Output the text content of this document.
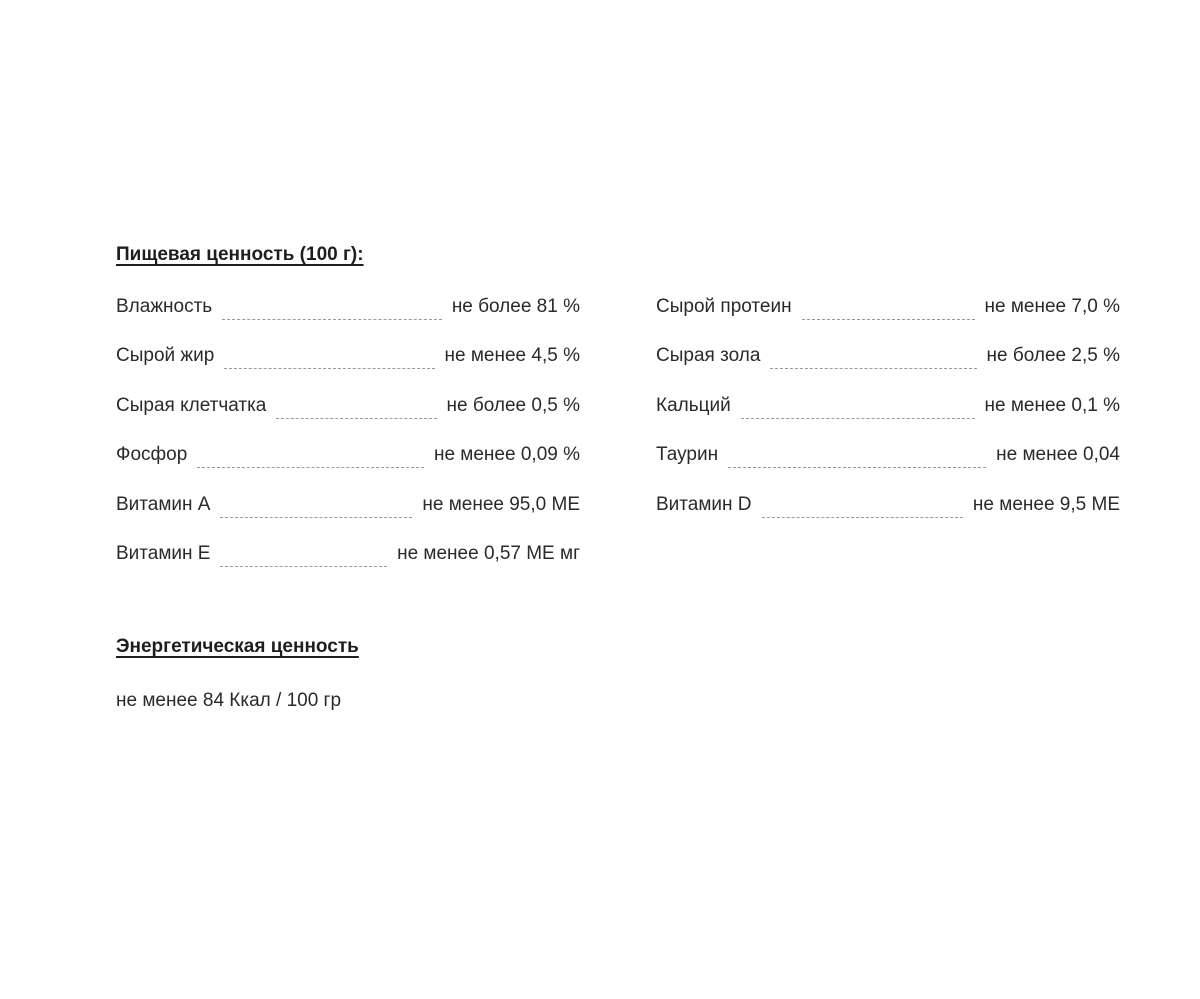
Пищевая ценность (100 г):
Влажность	не более 81 %
Сырой жир	не менее 4,5 %
Сырая клетчатка	не более 0,5 %
Фосфор	не менее 0,09 %
Витамин А	не менее 95,0 МЕ
Витамин Е	не менее 0,57 МЕ мг
Сырой протеин	не менее 7,0 %
Сырая зола	не более 2,5 %
Кальций	не менее 0,1 %
Таурин	не менее 0,04
Витамин D	не менее 9,5 МЕ
Энергетическая ценность

не менее 84 Ккал / 100 гр
